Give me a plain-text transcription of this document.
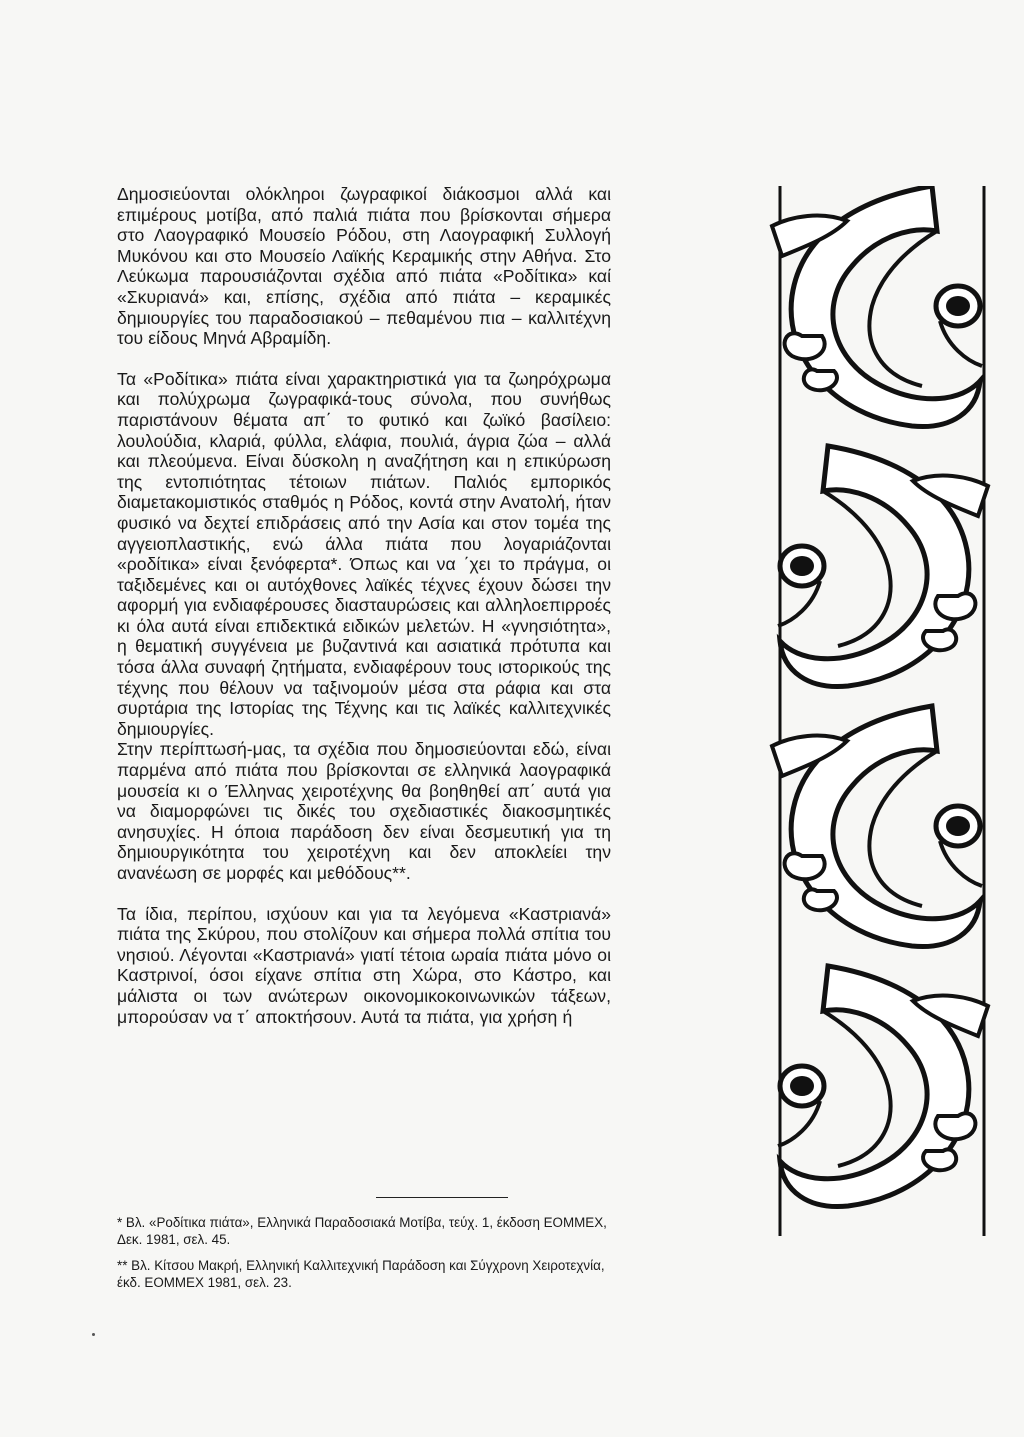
Δημοσιεύονται ολόκληροι ζωγραφικοί διάκοσμοι αλλά και επιμέρους μοτίβα, από παλιά πιάτα που βρίσκονται σήμερα στο Λαογραφικό Μουσείο Ρόδου, στη Λαογραφική Συλλογή Μυκόνου και στο Μουσείο Λαϊκής Κεραμικής στην Αθήνα. Στο Λεύκωμα παρουσιάζονται σχέδια από πιάτα «Ροδίτικα» καί «Σκυριανά» και, επίσης, σχέδια από πιάτα – κεραμικές δημιουργίες του παραδοσιακού – πεθαμένου πια – καλλιτέχνη του είδους Μηνά Αβραμίδη.

Τα «Ροδίτικα» πιάτα είναι χαρακτηριστικά για τα ζωηρόχρωμα και πολύχρωμα ζωγραφικά-τους σύνολα, που συνήθως παριστάνουν θέματα απ΄ το φυτικό και ζωϊκό βασίλειο: λουλούδια, κλαριά, φύλλα, ελάφια, πουλιά, άγρια ζώα – αλλά και πλεούμενα. Είναι δύσκολη η αναζήτηση και η επικύρωση της εντοπιότητας τέτοιων πιάτων. Παλιός εμπορικός διαμετακομιστικός σταθμός η Ρόδος, κοντά στην Ανατολή, ήταν φυσικό να δεχτεί επιδράσεις από την Ασία και στον τομέα της αγγειοπλαστικής, ενώ άλλα πιάτα που λογαριάζονται «ροδίτικα» είναι ξενόφερτα*. Όπως και να ΄χει το πράγμα, οι ταξιδεμένες και οι αυτόχθονες λαϊκές τέχνες έχουν δώσει την αφορμή για ενδιαφέρουσες διασταυρώσεις και αλληλοεπιρροές κι όλα αυτά είναι επιδεκτικά ειδικών μελετών. Η «γνησιότητα», η θεματική συγγένεια με βυζαντινά και ασιατικά πρότυπα και τόσα άλλα συναφή ζητήματα, ενδιαφέρουν τους ιστορικούς της τέχνης που θέλουν να ταξινομούν μέσα στα ράφια και στα συρτάρια της Ιστορίας της Τέχνης και τις λαϊκές καλλιτεχνικές δημιουργίες.

Στην περίπτωσή-μας, τα σχέδια που δημοσιεύονται εδώ, είναι παρμένα από πιάτα που βρίσκονται σε ελληνικά λαογραφικά μουσεία κι ο Έλληνας χειροτέχνης θα βοηθηθεί απ΄ αυτά για να διαμορφώνει τις δικές του σχεδιαστικές διακοσμητικές ανησυχίες. Η όποια παράδοση δεν είναι δεσμευτική για τη δημιουργικότητα του χειροτέχνη και δεν αποκλείει την ανανέωση σε μορφές και μεθόδους**.

Τα ίδια, περίπου, ισχύουν και για τα λεγόμενα «Καστριανά» πιάτα της Σκύρου, που στολίζουν και σήμερα πολλά σπίτια του νησιού. Λέγονται «Καστριανά» γιατί τέτοια ωραία πιάτα μόνο οι Καστρινοί, όσοι είχανε σπίτια στη Χώρα, στο Κάστρο, και μάλιστα οι των ανώτερων οικονομικοκοινωνικών τάξεων, μπορούσαν να τ΄ αποκτήσουν. Αυτά τα πιάτα, για χρήση ή

* Βλ. «Ροδίτικα πιάτα», Ελληνικά Παραδοσιακά Μοτίβα, τεύχ. 1, έκδοση ΕΟΜΜΕΧ, Δεκ. 1981, σελ. 45.

** Βλ. Κίτσου Μακρή, Ελληνική Καλλιτεχνική Παράδοση και Σύγχρονη Χειροτεχνία, έκδ. ΕΟΜΜΕΧ 1981, σελ. 23.
